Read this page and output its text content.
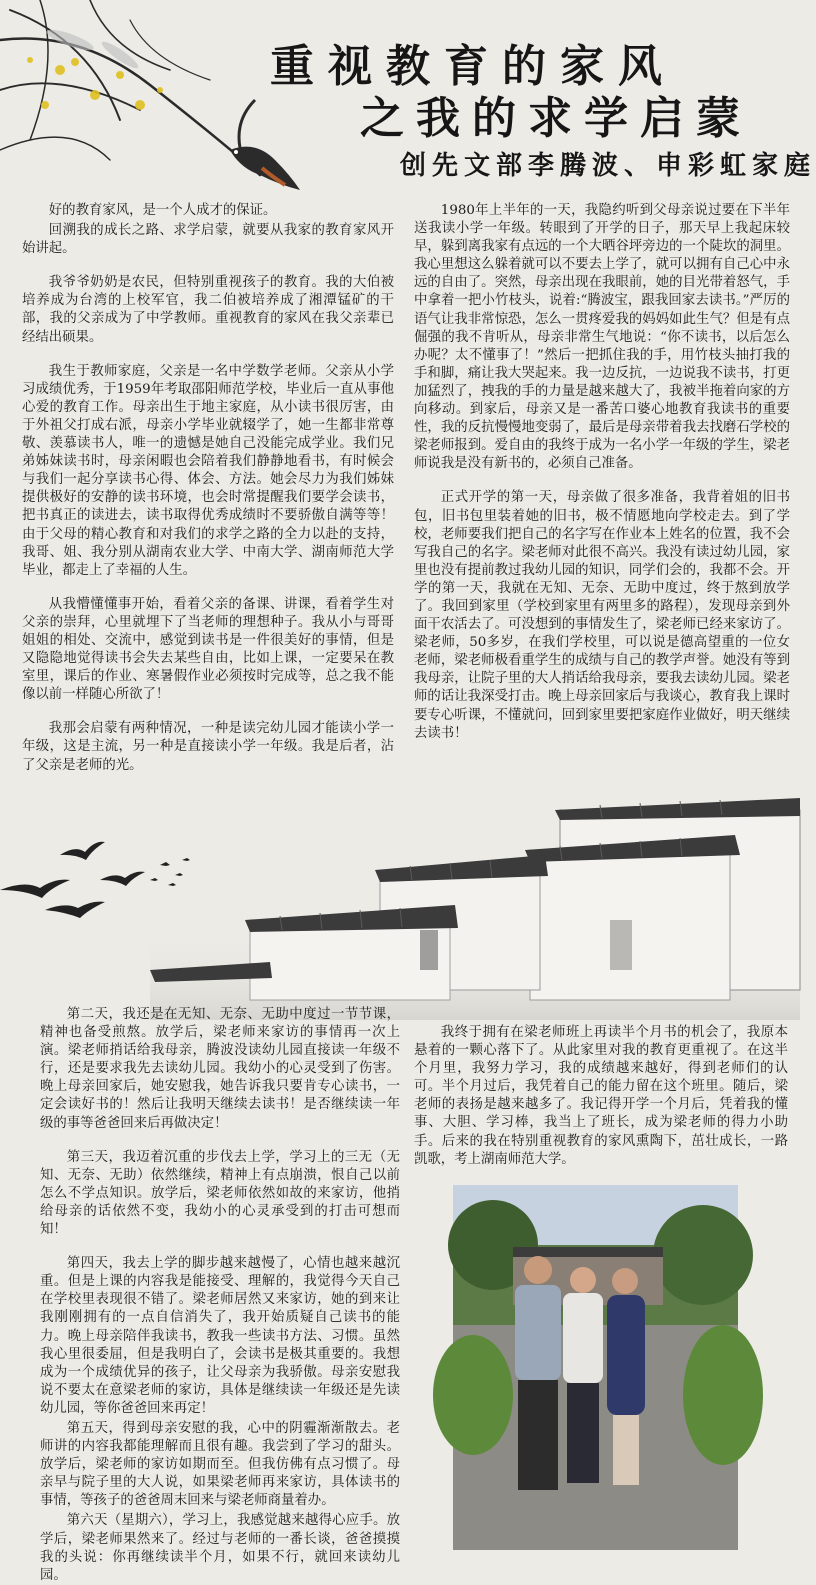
重视教育的家风
之我的求学启蒙
创先文部李腾波、申彩虹家庭

好的教育家风，是一个人成才的保证。

回溯我的成长之路、求学启蒙，就要从我家的教育家风开始讲起。

我爷爷奶奶是农民，但特别重视孩子的教育。我的大伯被培养成为台湾的上校军官，我二伯被培养成了湘潭锰矿的干部，我的父亲成为了中学教师。重视教育的家风在我父亲辈已经结出硕果。

我生于教师家庭，父亲是一名中学数学老师。父亲从小学习成绩优秀，于1959年考取邵阳师范学校，毕业后一直从事他心爱的教育工作。母亲出生于地主家庭，从小读书很厉害，由于外祖父打成右派，母亲小学毕业就辍学了，她一生都非常尊敬、羡慕读书人，唯一的遗憾是她自己没能完成学业。我们兄弟姊妹读书时，母亲闲暇也会陪着我们静静地看书，有时候会与我们一起分享读书心得、体会、方法。她会尽力为我们姊妹提供极好的安静的读书环境，也会时常提醒我们要学会读书，把书真正的读进去，读书取得优秀成绩时不要骄傲自满等等！由于父母的精心教育和对我们的求学之路的全力以赴的支持，我哥、姐、我分别从湖南农业大学、中南大学、湖南师范大学毕业，都走上了幸福的人生。

从我懵懂懂事开始，看着父亲的备课、讲课，看着学生对父亲的崇拜，心里就埋下了当老师的理想种子。我从小与哥哥姐姐的相处、交流中，感觉到读书是一件很美好的事情，但是又隐隐地觉得读书会失去某些自由，比如上课，一定要呆在教室里，课后的作业、寒暑假作业必须按时完成等，总之我不能像以前一样随心所欲了！

我那会启蒙有两种情况，一种是读完幼儿园才能读小学一年级，这是主流，另一种是直接读小学一年级。我是后者，沾了父亲是老师的光。

1980年上半年的一天，我隐约听到父母亲说过要在下半年送我读小学一年级。转眼到了开学的日子，那天早上我起床较早，躲到离我家有点远的一个大晒谷坪旁边的一个陡坎的洞里。我心里想这么躲着就可以不要去上学了，就可以拥有自己心中永远的自由了。突然，母亲出现在我眼前，她的目光带着怒气，手中拿着一把小竹枝头，说着:“腾波宝，跟我回家去读书。”严厉的语气让我非常惊恐，怎么一贯疼爱我的妈妈如此生气？但是有点倔强的我不肯听从，母亲非常生气地说：“你不读书，以后怎么办呢？太不懂事了！”然后一把抓住我的手，用竹枝头抽打我的手和脚，痛让我大哭起来。我一边反抗，一边说我不读书，打更加猛烈了，拽我的手的力量是越来越大了，我被半拖着向家的方向移动。到家后，母亲又是一番苦口婆心地教育我读书的重要性，我的反抗慢慢地变弱了，最后是母亲带着我去找磨石学校的梁老师报到。爱自由的我终于成为一名小学一年级的学生，梁老师说我是没有新书的，必须自己准备。

正式开学的第一天，母亲做了很多准备，我背着姐的旧书包，旧书包里装着她的旧书，极不情愿地向学校走去。到了学校，老师要我们把自己的名字写在作业本上姓名的位置，我不会写我自己的名字。梁老师对此很不高兴。我没有读过幼儿园，家里也没有提前教过我幼儿园的知识，同学们会的，我都不会。开学的第一天，我就在无知、无奈、无助中度过，终于熬到放学了。我回到家里（学校到家里有两里多的路程），发现母亲到外面干农活去了。可没想到的事情发生了，梁老师已经来家访了。梁老师，50多岁，在我们学校里，可以说是德高望重的一位女老师，梁老师极看重学生的成绩与自己的教学声誉。她没有等到我母亲，让院子里的大人捎话给我母亲，要我去读幼儿园。梁老师的话让我深受打击。晚上母亲回家后与我谈心，教育我上课时要专心听课，不懂就问，回到家里要把家庭作业做好，明天继续去读书！

第二天，我还是在无知、无奈、无助中度过一节节课，精神也备受煎熬。放学后，梁老师来家访的事情再一次上演。梁老师捎话给我母亲，腾波没读幼儿园直接读一年级不行，还是要求我先去读幼儿园。我幼小的心灵受到了伤害。晚上母亲回家后，她安慰我，她告诉我只要肯专心读书，一定会读好书的！然后让我明天继续去读书！是否继续读一年级的事等爸爸回来后再做决定！

第三天，我迈着沉重的步伐去上学，学习上的三无（无知、无奈、无助）依然继续，精神上有点崩溃，恨自己以前怎么不学点知识。放学后，梁老师依然如故的来家访，他捎给母亲的话依然不变，我幼小的心灵承受到的打击可想而知！

第四天，我去上学的脚步越来越慢了，心情也越来越沉重。但是上课的内容我是能接受、理解的，我觉得今天自己在学校里表现很不错了。梁老师居然又来家访，她的到来让我刚刚拥有的一点自信消失了，我开始质疑自己读书的能力。晚上母亲陪伴我读书，教我一些读书方法、习惯。虽然我心里很委屈，但是我明白了，会读书是极其重要的。我想成为一个成绩优异的孩子，让父母亲为我骄傲。母亲安慰我说不要太在意梁老师的家访，具体是继续读一年级还是先读幼儿园，等你爸爸回来再定！

第五天，得到母亲安慰的我，心中的阴霾渐渐散去。老师讲的内容我都能理解而且很有趣。我尝到了学习的甜头。放学后，梁老师的家访如期而至。但我仿佛有点习惯了。母亲早与院子里的大人说，如果梁老师再来家访，具体读书的事情，等孩子的爸爸周末回来与梁老师商量着办。

第六天（星期六），学习上，我感觉越来越得心应手。放学后，梁老师果然来了。经过与老师的一番长谈，爸爸摸摸我的头说：你再继续读半个月，如果不行，就回来读幼儿园。

我终于拥有在梁老师班上再读半个月书的机会了，我原本悬着的一颗心落下了。从此家里对我的教育更重视了。在这半个月里，我努力学习，我的成绩越来越好，得到老师们的认可。半个月过后，我凭着自己的能力留在这个班里。随后，梁老师的表扬是越来越多了。我记得开学一个月后，凭着我的懂事、大胆、学习棒，我当上了班长，成为梁老师的得力小助手。后来的我在特别重视教育的家风熏陶下，茁壮成长，一路凯歌，考上湖南师范大学。
